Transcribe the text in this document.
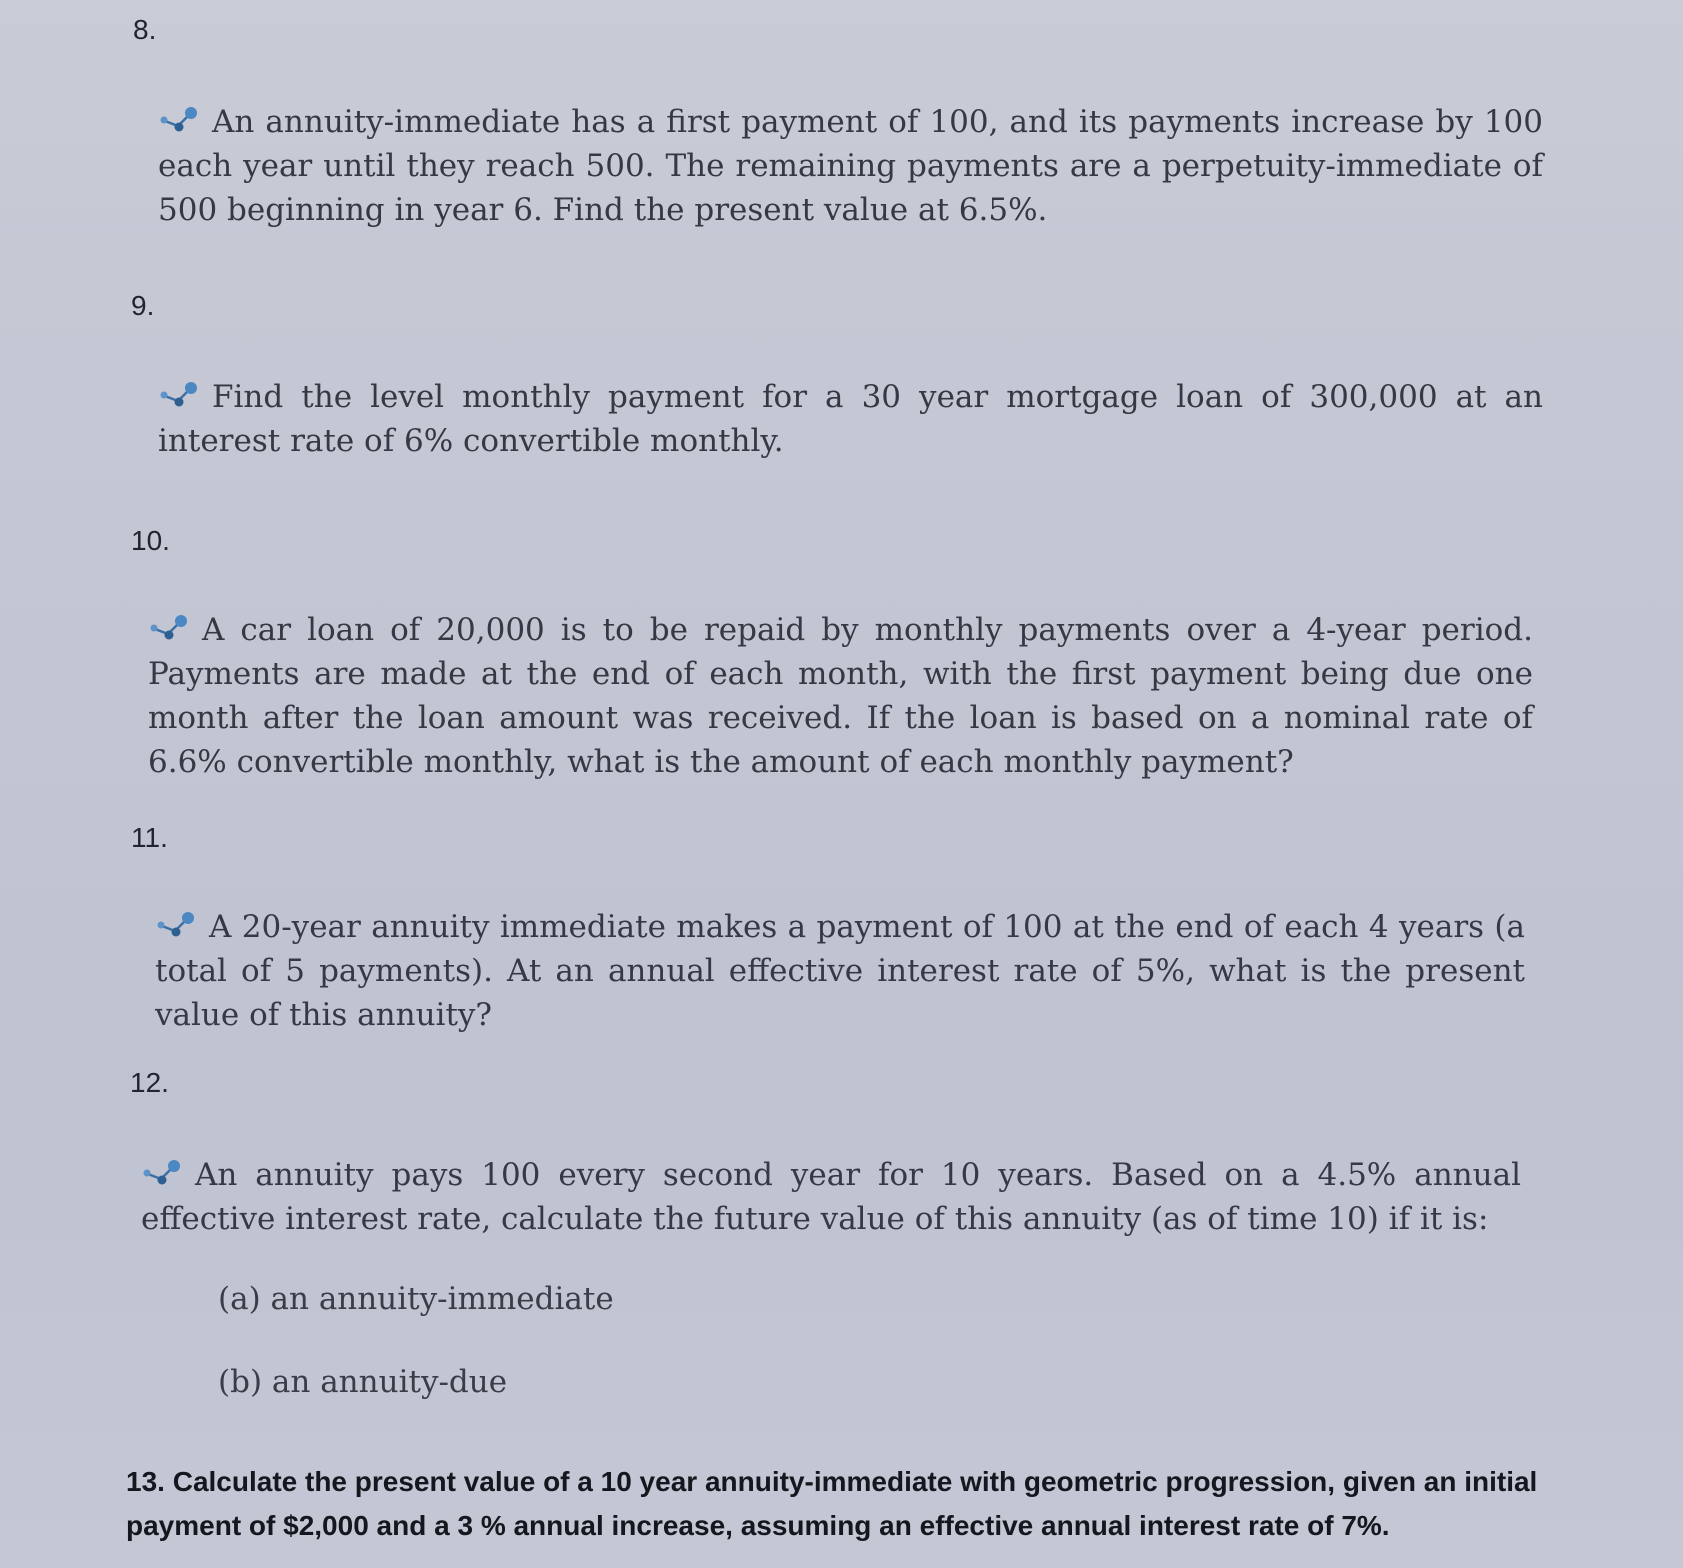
8.
An annuity-immediate has a first payment of 100, and its payments increase by 100 each year until they reach 500. The remaining payments are a perpetuity-immediate of 500 beginning in year 6. Find the present value at 6.5%.
9.
Find the level monthly payment for a 30 year mortgage loan of 300,000 at an interest rate of 6% convertible monthly.
10.
A car loan of 20,000 is to be repaid by monthly payments over a 4-year period. Payments are made at the end of each month, with the first payment being due one month after the loan amount was received. If the loan is based on a nominal rate of 6.6% convertible monthly, what is the amount of each monthly payment?
11.
A 20-year annuity immediate makes a payment of 100 at the end of each 4 years (a total of 5 payments). At an annual effective interest rate of 5%, what is the present value of this annuity?
12.
An annuity pays 100 every second year for 10 years. Based on a 4.5% annual effective interest rate, calculate the future value of this annuity (as of time 10) if it is:
(a) an annuity-immediate
(b) an annuity-due
13. Calculate the present value of a 10 year annuity-immediate with geometric progression, given an initial payment of $2,000 and a 3 % annual increase, assuming an effective annual interest rate of 7%.
